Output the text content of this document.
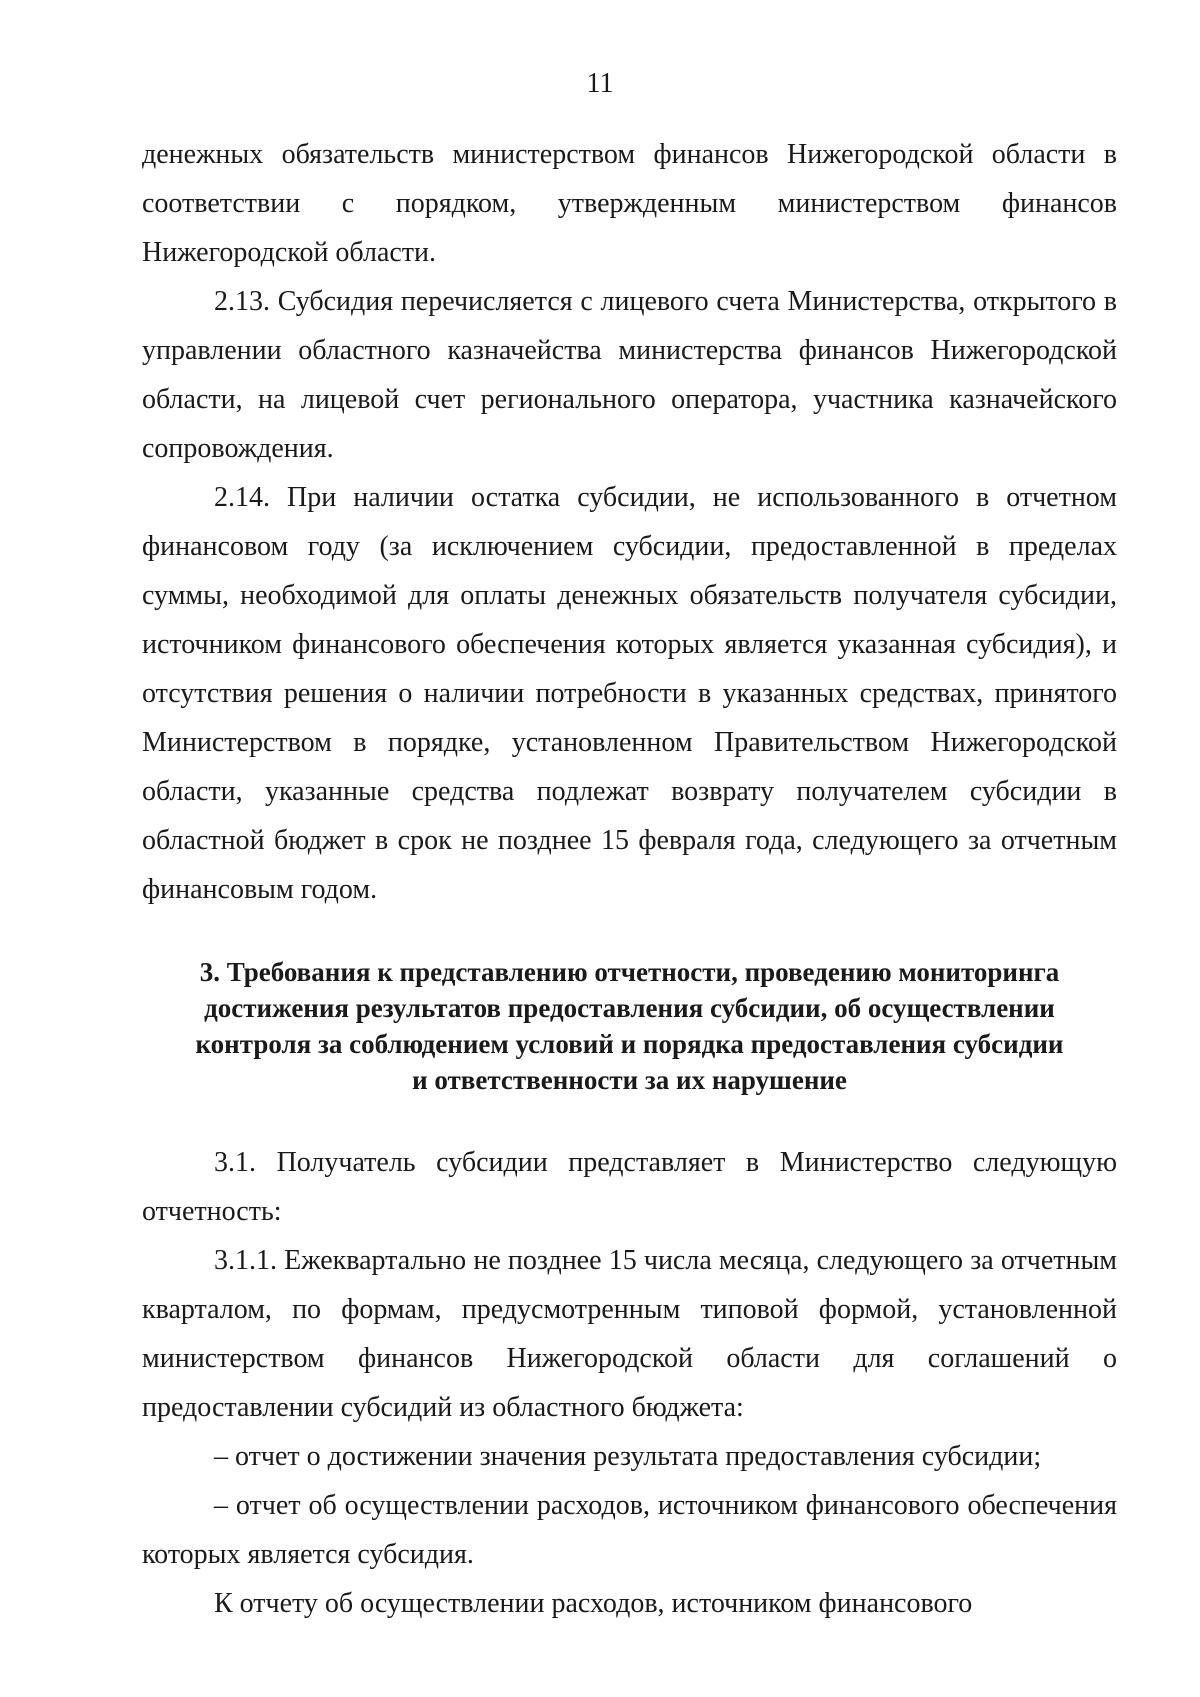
11

денежных обязательств министерством финансов Нижегородской области в соответствии с порядком, утвержденным министерством финансов Нижегородской области.

2.13. Субсидия перечисляется с лицевого счета Министерства, открытого в управлении областного казначейства министерства финансов Нижегородской области, на лицевой счет регионального оператора, участника казначейского сопровождения.

2.14. При наличии остатка субсидии, не использованного в отчетном финансовом году (за исключением субсидии, предоставленной в пределах суммы, необходимой для оплаты денежных обязательств получателя субсидии, источником финансового обеспечения которых является указанная субсидия), и отсутствия решения о наличии потребности в указанных средствах, принятого Министерством в порядке, установленном Правительством Нижегородской области, указанные средства подлежат возврату получателем субсидии в областной бюджет в срок не позднее 15 февраля года, следующего за отчетным финансовым годом.

3. Требования к представлению отчетности, проведению мониторинга
достижения результатов предоставления субсидии, об осуществлении
контроля за соблюдением условий и порядка предоставления субсидии
и ответственности за их нарушение

3.1. Получатель субсидии представляет в Министерство следующую отчетность:

3.1.1. Ежеквартально не позднее 15 числа месяца, следующего за отчетным кварталом, по формам, предусмотренным типовой формой, установленной министерством финансов Нижегородской области для соглашений о предоставлении субсидий из областного бюджета:

– отчет о достижении значения результата предоставления субсидии;

– отчет об осуществлении расходов, источником финансового обеспечения которых является субсидия.

К отчету об осуществлении расходов, источником финансового
